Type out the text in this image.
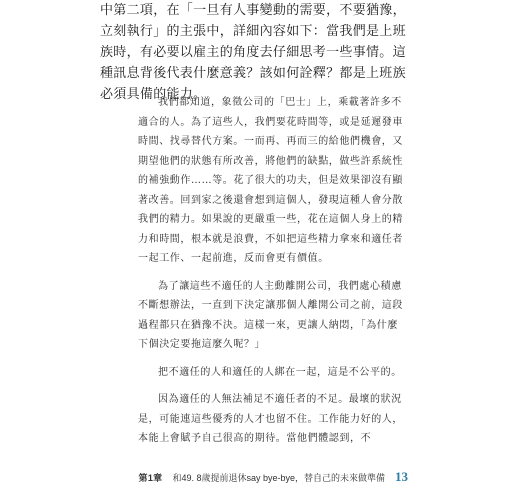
中第二項，在「一旦有人事變動的需要，不要猶豫，立刻執行」的主張中，詳細內容如下：當我們是上班族時，有必要以雇主的角度去仔細思考一些事情。這種訊息背後代表什麼意義？該如何詮釋？都是上班族必須具備的能力。

我們都知道，象徵公司的「巴士」上，乘載著許多不適合的人。為了這些人，我們要花時間等，或是延遲發車時間、找尋替代方案。一而再、再而三的給他們機會，又期望他們的狀態有所改善，將他們的缺點，做些許系統性的補強動作……等。花了很大的功夫，但是效果卻沒有顯著改善。回到家之後還會想到這個人，發現這種人會分散我們的精力。如果說的更嚴重一些，花在這個人身上的精力和時間，根本就是浪費，不如把這些精力拿來和適任者一起工作、一起前進，反而會更有價值。

為了讓這些不適任的人主動離開公司，我們處心積慮不斷想辦法，一直到下決定讓那個人離開公司之前，這段過程都只在猶豫不決。這樣一來，更讓人納悶，「為什麼下個決定要拖這麼久呢？」

把不適任的人和適任的人綁在一起，這是不公平的。

因為適任的人無法補足不適任者的不足。最壞的狀況是，可能連這些優秀的人才也留不住。工作能力好的人，本能上會賦予自己很高的期待。當他們體認到，不

第1章 和49. 8歲提前退休say bye-bye，替自己的未來做準備 13
